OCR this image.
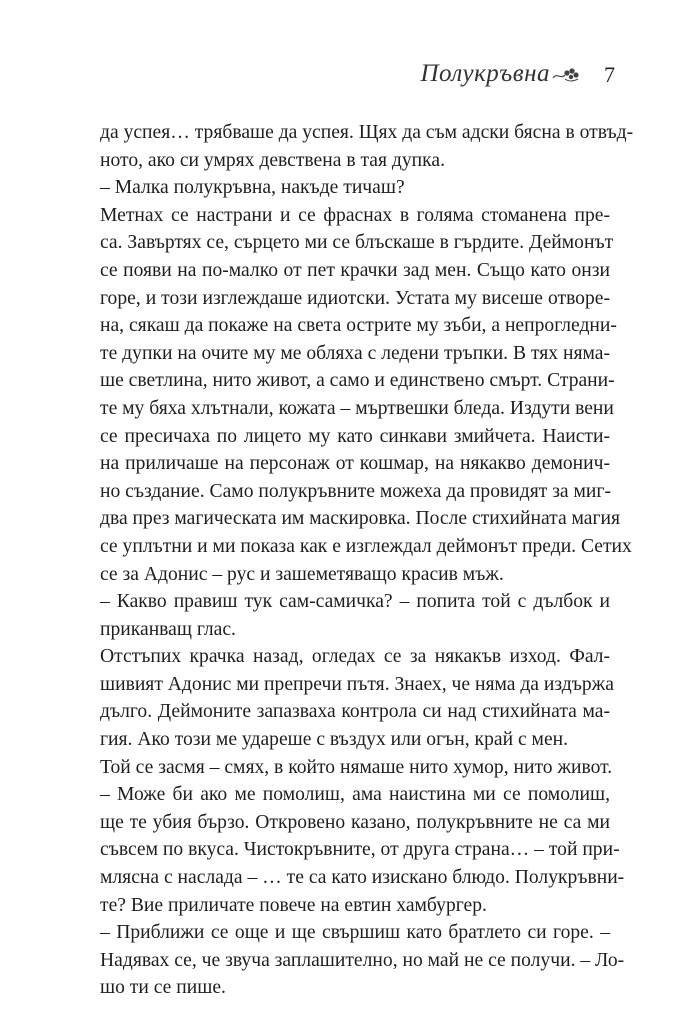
Полукръвна 7
да успея… трябваше да успея. Щях да съм адски бясна в отвъд-
ното, ако си умрях девствена в тая дупка.
– Малка полукръвна, накъде тичаш?
Метнах се настрани и се фраснах в голяма стоманена пре-
са. Завъртях се, сърцето ми се блъскаше в гърдите. Деймонът
се появи на по-малко от пет крачки зад мен. Също като онзи
горе, и този изглеждаше идиотски. Устата му висеше отворе-
на, сякаш да покаже на света острите му зъби, а непрогледни-
те дупки на очите му ме обляха с ледени тръпки. В тях няма-
ше светлина, нито живот, а само и единствено смърт. Страни-
те му бяха хлътнали, кожата – мъртвешки бледа. Издути вени
се пресичаха по лицето му като синкави змийчета. Наисти-
на приличаше на персонаж от кошмар, на някакво демонич-
но създание. Само полукръвните можеха да провидят за миг-
два през магическата им маскировка. После стихийната магия
се уплътни и ми показа как е изглеждал деймонът преди. Сетих
се за Адонис – рус и зашеметяващо красив мъж.
– Какво правиш тук сам-самичка? – попита той с дълбок и
приканващ глас.
Отстъпих крачка назад, огледах се за някакъв изход. Фал-
шивият Адонис ми препречи пътя. Знаех, че няма да издържа
дълго. Деймоните запазваха контрола си над стихийната ма-
гия. Ако този ме удареше с въздух или огън, край с мен.
Той се засмя – смях, в който нямаше нито хумор, нито живот.
– Може би ако ме помолиш, ама наистина ми се помолиш,
ще те убия бързо. Откровено казано, полукръвните не са ми
съвсем по вкуса. Чистокръвните, от друга страна… – той при-
млясна с наслада – … те са като изискано блюдо. Полукръвни-
те? Вие приличате повече на евтин хамбургер.
– Приближи се още и ще свършиш като братлето си горе. –
Надявах се, че звуча заплашително, но май не се получи. – Ло-
шо ти се пише.
